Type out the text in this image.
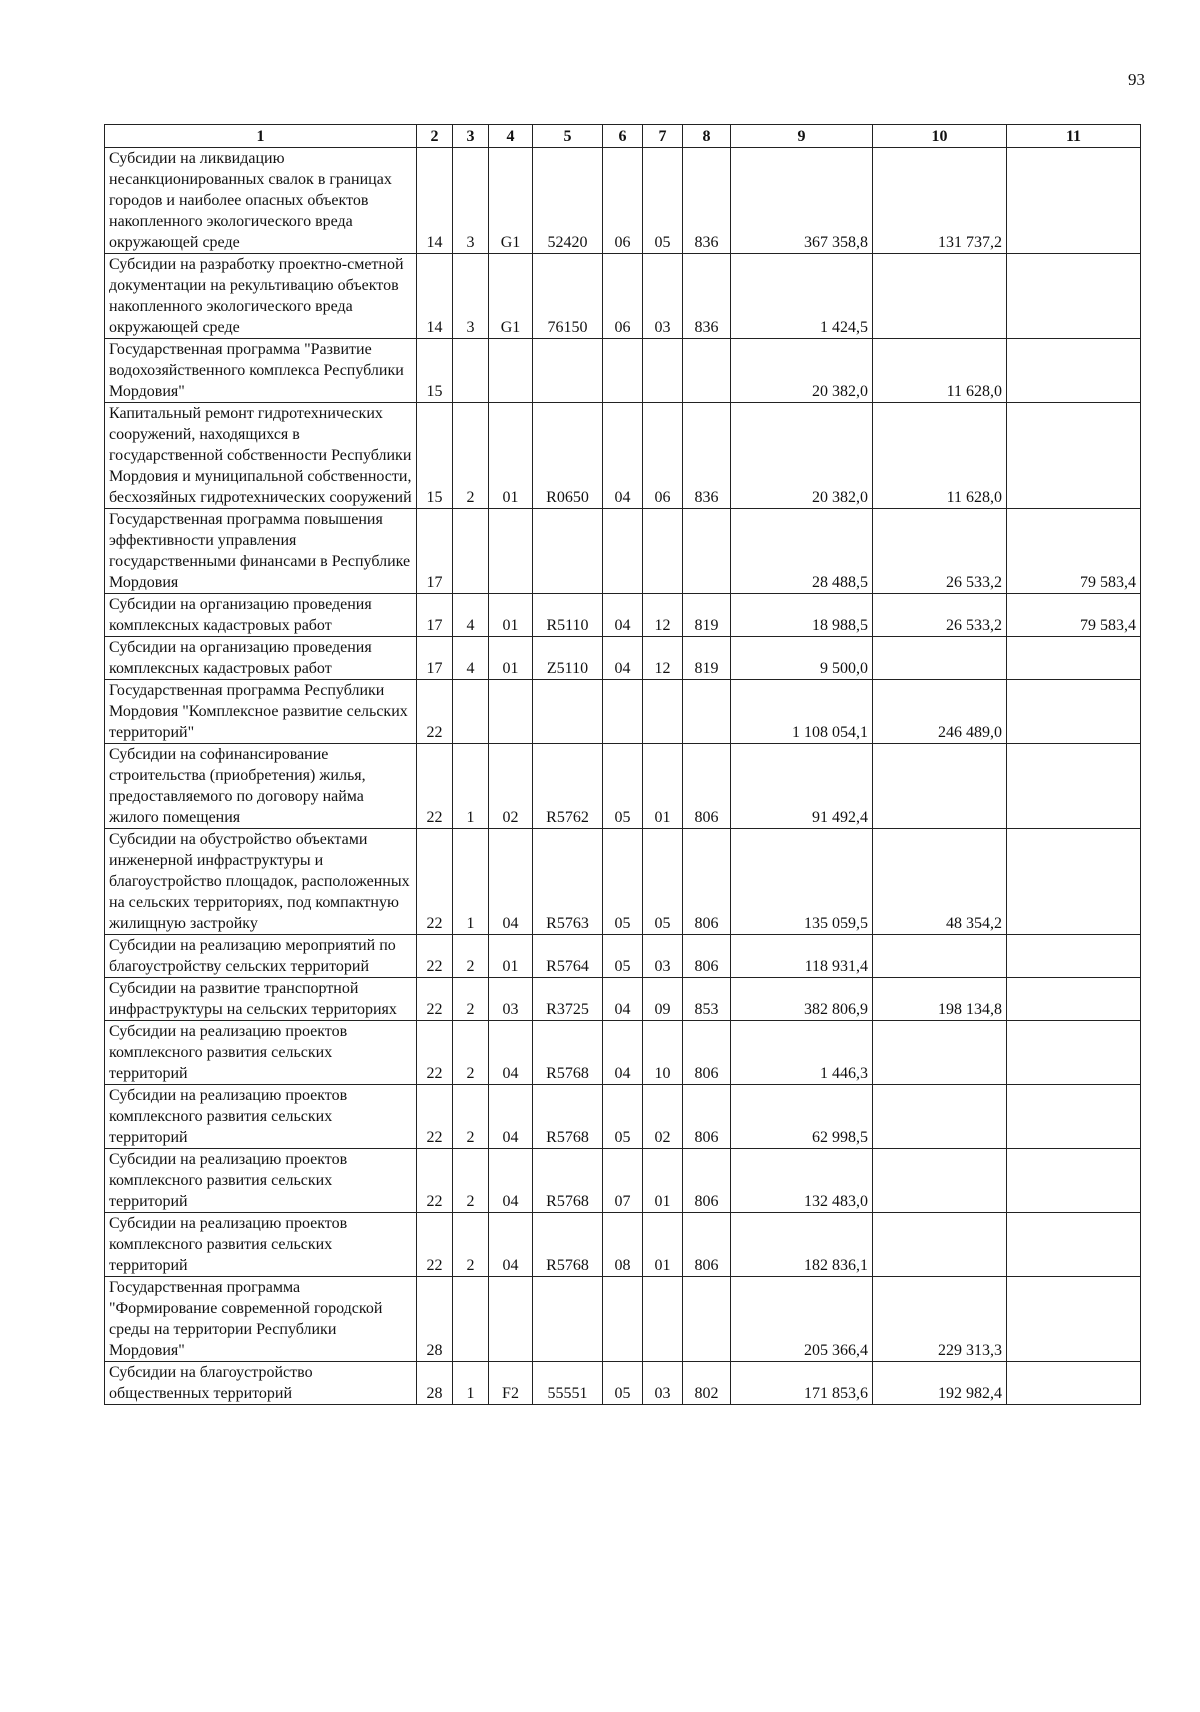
93
1	2	3	4	5	6	7	8	9	10	11
Субсидии на ликвидацию несанкционированных свалок в границах городов и наиболее опасных объектов накопленного экологического вреда окружающей среде	14	3	G1	52420	06	05	836	367 358,8	131 737,2	
Субсидии на разработку проектно-сметной документации на рекультивацию объектов накопленного экологического вреда окружающей среде	14	3	G1	76150	06	03	836	1 424,5		
Государственная программа "Развитие водохозяйственного комплекса Республики Мордовия"	15							20 382,0	11 628,0	
Капитальный ремонт гидротехнических сооружений, находящихся в государственной собственности Республики Мордовия и муниципальной собственности, бесхозяйных гидротехнических сооружений	15	2	01	R0650	04	06	836	20 382,0	11 628,0	
Государственная программа повышения эффективности управления государственными финансами в Республике Мордовия	17							28 488,5	26 533,2	79 583,4
Субсидии на организацию проведения комплексных кадастровых работ	17	4	01	R5110	04	12	819	18 988,5	26 533,2	79 583,4
Субсидии на организацию проведения комплексных кадастровых работ	17	4	01	Z5110	04	12	819	9 500,0		
Государственная программа Республики Мордовия "Комплексное развитие сельских территорий"	22							1 108 054,1	246 489,0	
Субсидии на софинансирование строительства (приобретения) жилья, предоставляемого по договору найма жилого помещения	22	1	02	R5762	05	01	806	91 492,4		
Субсидии на обустройство объектами инженерной инфраструктуры и благоустройство площадок, расположенных на сельских территориях, под компактную жилищную застройку	22	1	04	R5763	05	05	806	135 059,5	48 354,2	
Субсидии на реализацию мероприятий по благоустройству сельских территорий	22	2	01	R5764	05	03	806	118 931,4		
Субсидии на развитие транспортной инфраструктуры на сельских территориях	22	2	03	R3725	04	09	853	382 806,9	198 134,8	
Субсидии на реализацию проектов комплексного развития сельских территорий	22	2	04	R5768	04	10	806	1 446,3		
Субсидии на реализацию проектов комплексного развития сельских территорий	22	2	04	R5768	05	02	806	62 998,5		
Субсидии на реализацию проектов комплексного развития сельских территорий	22	2	04	R5768	07	01	806	132 483,0		
Субсидии на реализацию проектов комплексного развития сельских территорий	22	2	04	R5768	08	01	806	182 836,1		
Государственная программа "Формирование современной городской среды на территории Республики Мордовия"	28							205 366,4	229 313,3	
Субсидии на благоустройство общественных территорий	28	1	F2	55551	05	03	802	171 853,6	192 982,4	
